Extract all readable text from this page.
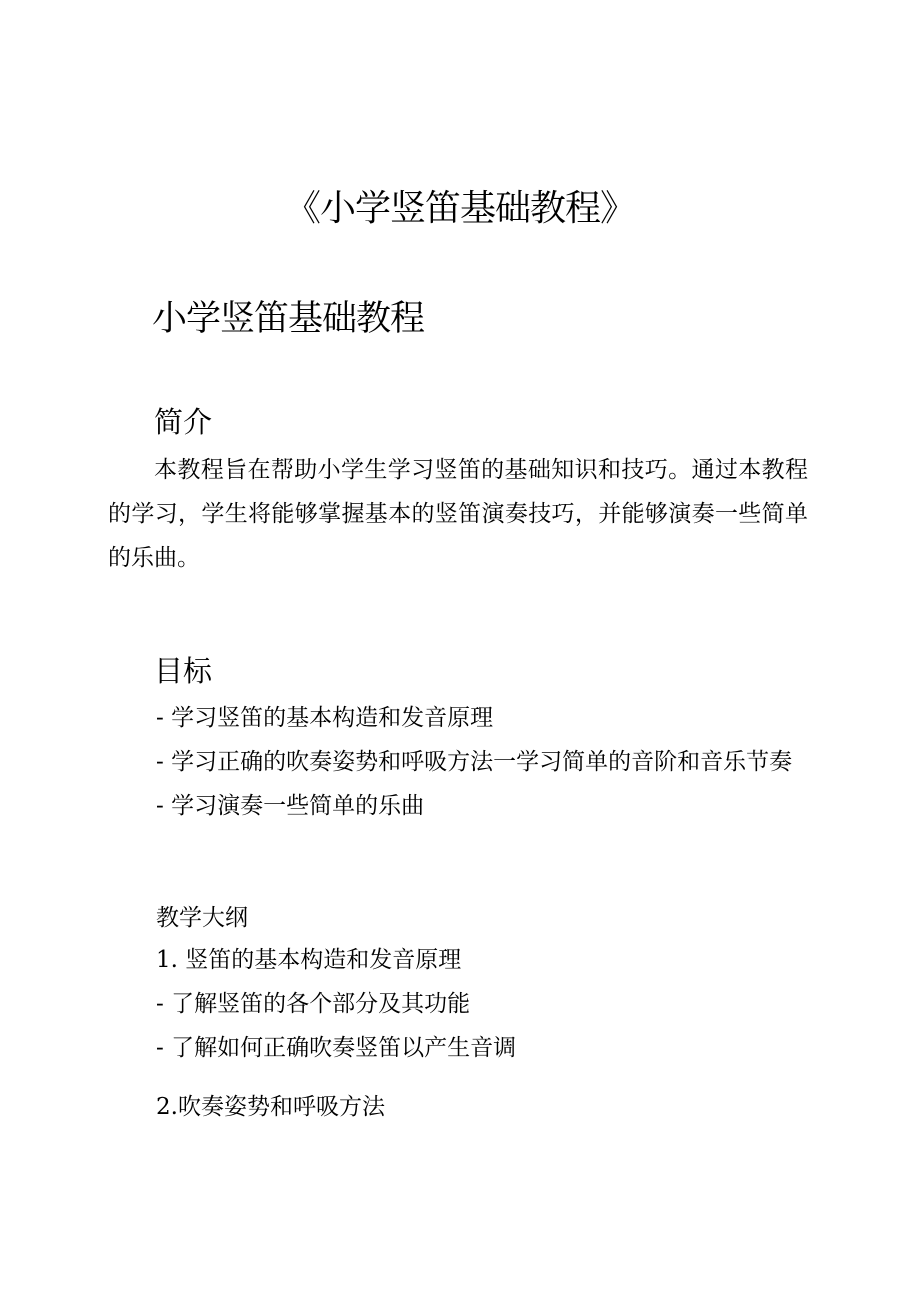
《小学竖笛基础教程》
小学竖笛基础教程
简介

本教程旨在帮助小学生学习竖笛的基础知识和技巧。通过本教程的学习，学生将能够掌握基本的竖笛演奏技巧，并能够演奏一些简单的乐曲。

目标
- 学习竖笛的基本构造和发音原理
- 学习正确的吹奏姿势和呼吸方法一学习简单的音阶和音乐节奏
- 学习演奏一些简单的乐曲
教学大纲
1. 竖笛的基本构造和发音原理
- 了解竖笛的各个部分及其功能
- 了解如何正确吹奏竖笛以产生音调
2.吹奏姿势和呼吸方法
